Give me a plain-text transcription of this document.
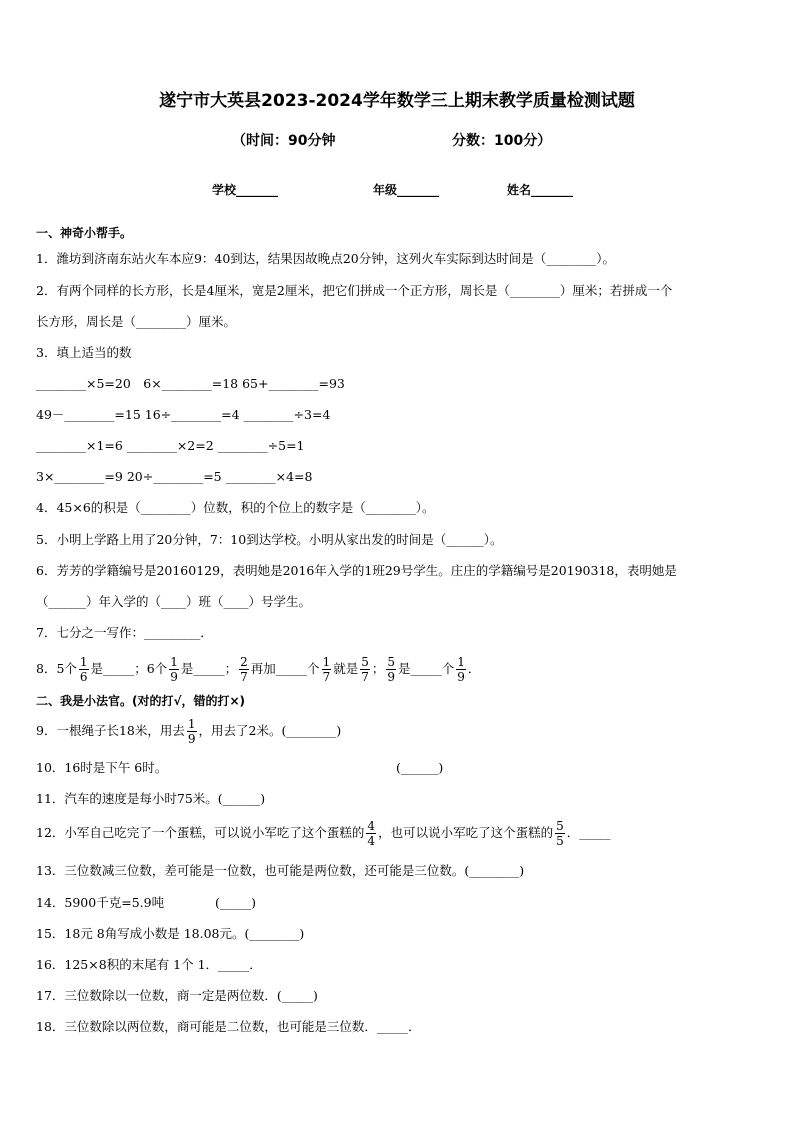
遂宁市大英县2023-2024学年数学三上期末教学质量检测试题
（时间：90分钟	分数：100分）
学校_______	年级_______	姓名_______
一、神奇小帮手。
1．潍坊到济南东站火车本应9：40到达，结果因故晚点20分钟，这列火车实际到达时间是（________）。
2．有两个同样的长方形，长是4厘米，宽是2厘米，把它们拼成一个正方形，周长是（________）厘米；若拼成一个
长方形，周长是（________）厘米。
3．填上适当的数
________×5=20　6×________=18 65+________=93
49－________=15 16÷________=4 ________÷3=4
________×1=6 ________×2=2 ________÷5=1
3×________=9 20÷________=5 ________×4=8
4．45×6的积是（________）位数，积的个位上的数字是（________）。
5．小明上学路上用了20分钟，7：10到达学校。小明从家出发的时间是（______）。
6．芳芳的学籍编号是20160129，表明她是2016年入学的1班29号学生。庄庄的学籍编号是20190318，表明她是
（______）年入学的（____）班（____）号学生。
7．七分之一写作：_________．
8．5个 $\frac{1}{6}$ 是_____；6个 $\frac{1}{9}$ 是_____； $\frac{2}{7}$ 再加_____个 $\frac{1}{7}$ 就是 $\frac{5}{7}$ ； $\frac{5}{9}$ 是_____个 $\frac{1}{9}$ ．
二、我是小法官。(对的打√，错的打×)
9．一根绳子长18米，用去 $\frac{1}{9}$ ，用去了2米。(________)
10．16时是下午 6时。	(______)
11．汽车的速度是每小时75米。(______)
12．小军自己吃完了一个蛋糕，可以说小军吃了这个蛋糕的 $\frac{4}{4}$ ，也可以说小军吃了这个蛋糕的 $\frac{5}{5}$ ．_____
13．三位数减三位数，差可能是一位数，也可能是两位数，还可能是三位数。(________)
14．5900千克=5.9吨	(_____)
15．18元 8角写成小数是 18.08元。(________)
16．125×8积的末尾有 1个 1．_____．
17．三位数除以一位数，商一定是两位数．(_____)
18．三位数除以两位数，商可能是二位数，也可能是三位数．_____．
